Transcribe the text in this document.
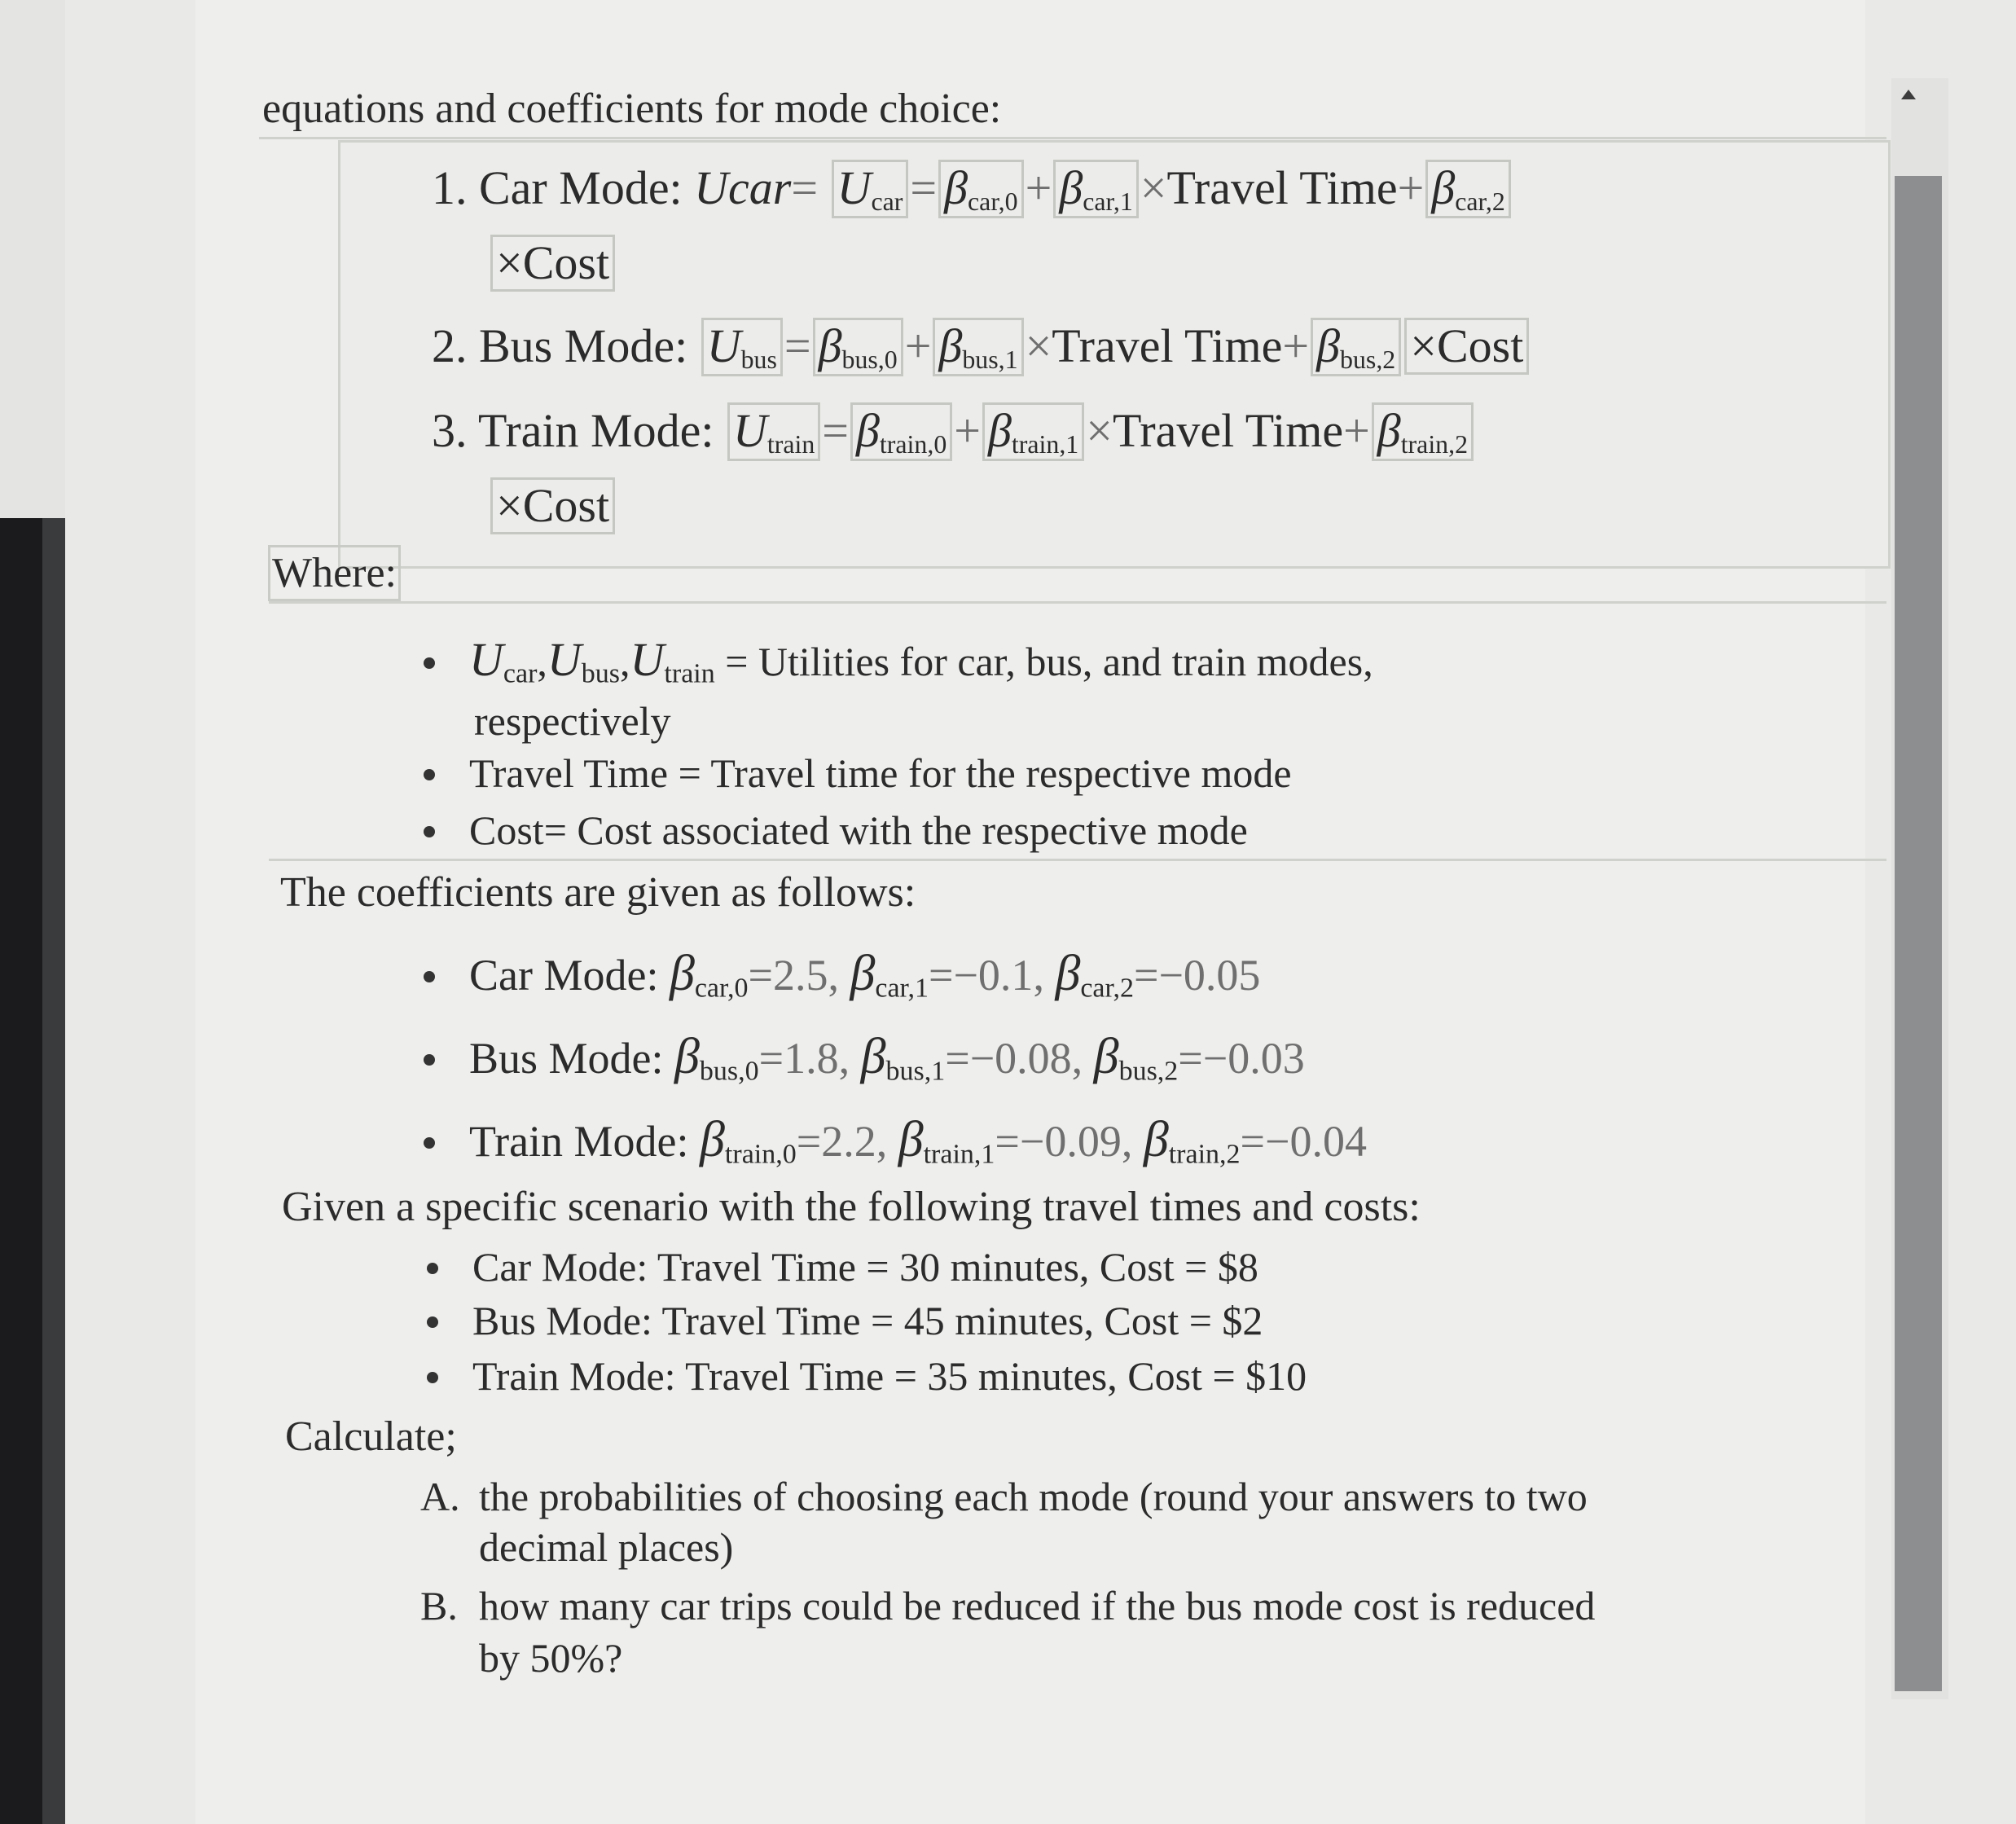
equations and coefficients for mode choice:
1. Car Mode: Ucar= $U_{car} = \beta_{car,0} + \beta_{car,1}$ ×Travel Time+ $\beta_{car,2}$
×Cost
2. Bus Mode: $U_{bus} = \beta_{bus,0} + \beta_{bus,1}$ ×Travel Time+ $\beta_{bus,2}$ ×Cost
3. Train Mode: $U_{train} = \beta_{train,0} + \beta_{train,1}$ ×Travel Time+ $\beta_{train,2}$
×Cost
Where:
$U_{car},U_{bus},U_{train}$ = Utilities for car, bus, and train modes,
respectively
Travel Time = Travel time for the respective mode
Cost= Cost associated with the respective mode
The coefficients are given as follows:
Car Mode: $\beta_{car,0}=2.5$, $\beta_{car,1}=-0.1$, $\beta_{car,2}=-0.05$
Bus Mode: $\beta_{bus,0}=1.8$, $\beta_{bus,1}=-0.08$, $\beta_{bus,2}=-0.03$
Train Mode: $\beta_{train,0}=2.2$, $\beta_{train,1}=-0.09$, $\beta_{train,2}=-0.04$
Given a specific scenario with the following travel times and costs:
Car Mode: Travel Time = 30 minutes, Cost = $8
Bus Mode: Travel Time = 45 minutes, Cost = $2
Train Mode: Travel Time = 35 minutes, Cost = $10
Calculate;
A. the probabilities of choosing each mode (round your answers to two
decimal places)
B. how many car trips could be reduced if the bus mode cost is reduced
by 50%?
